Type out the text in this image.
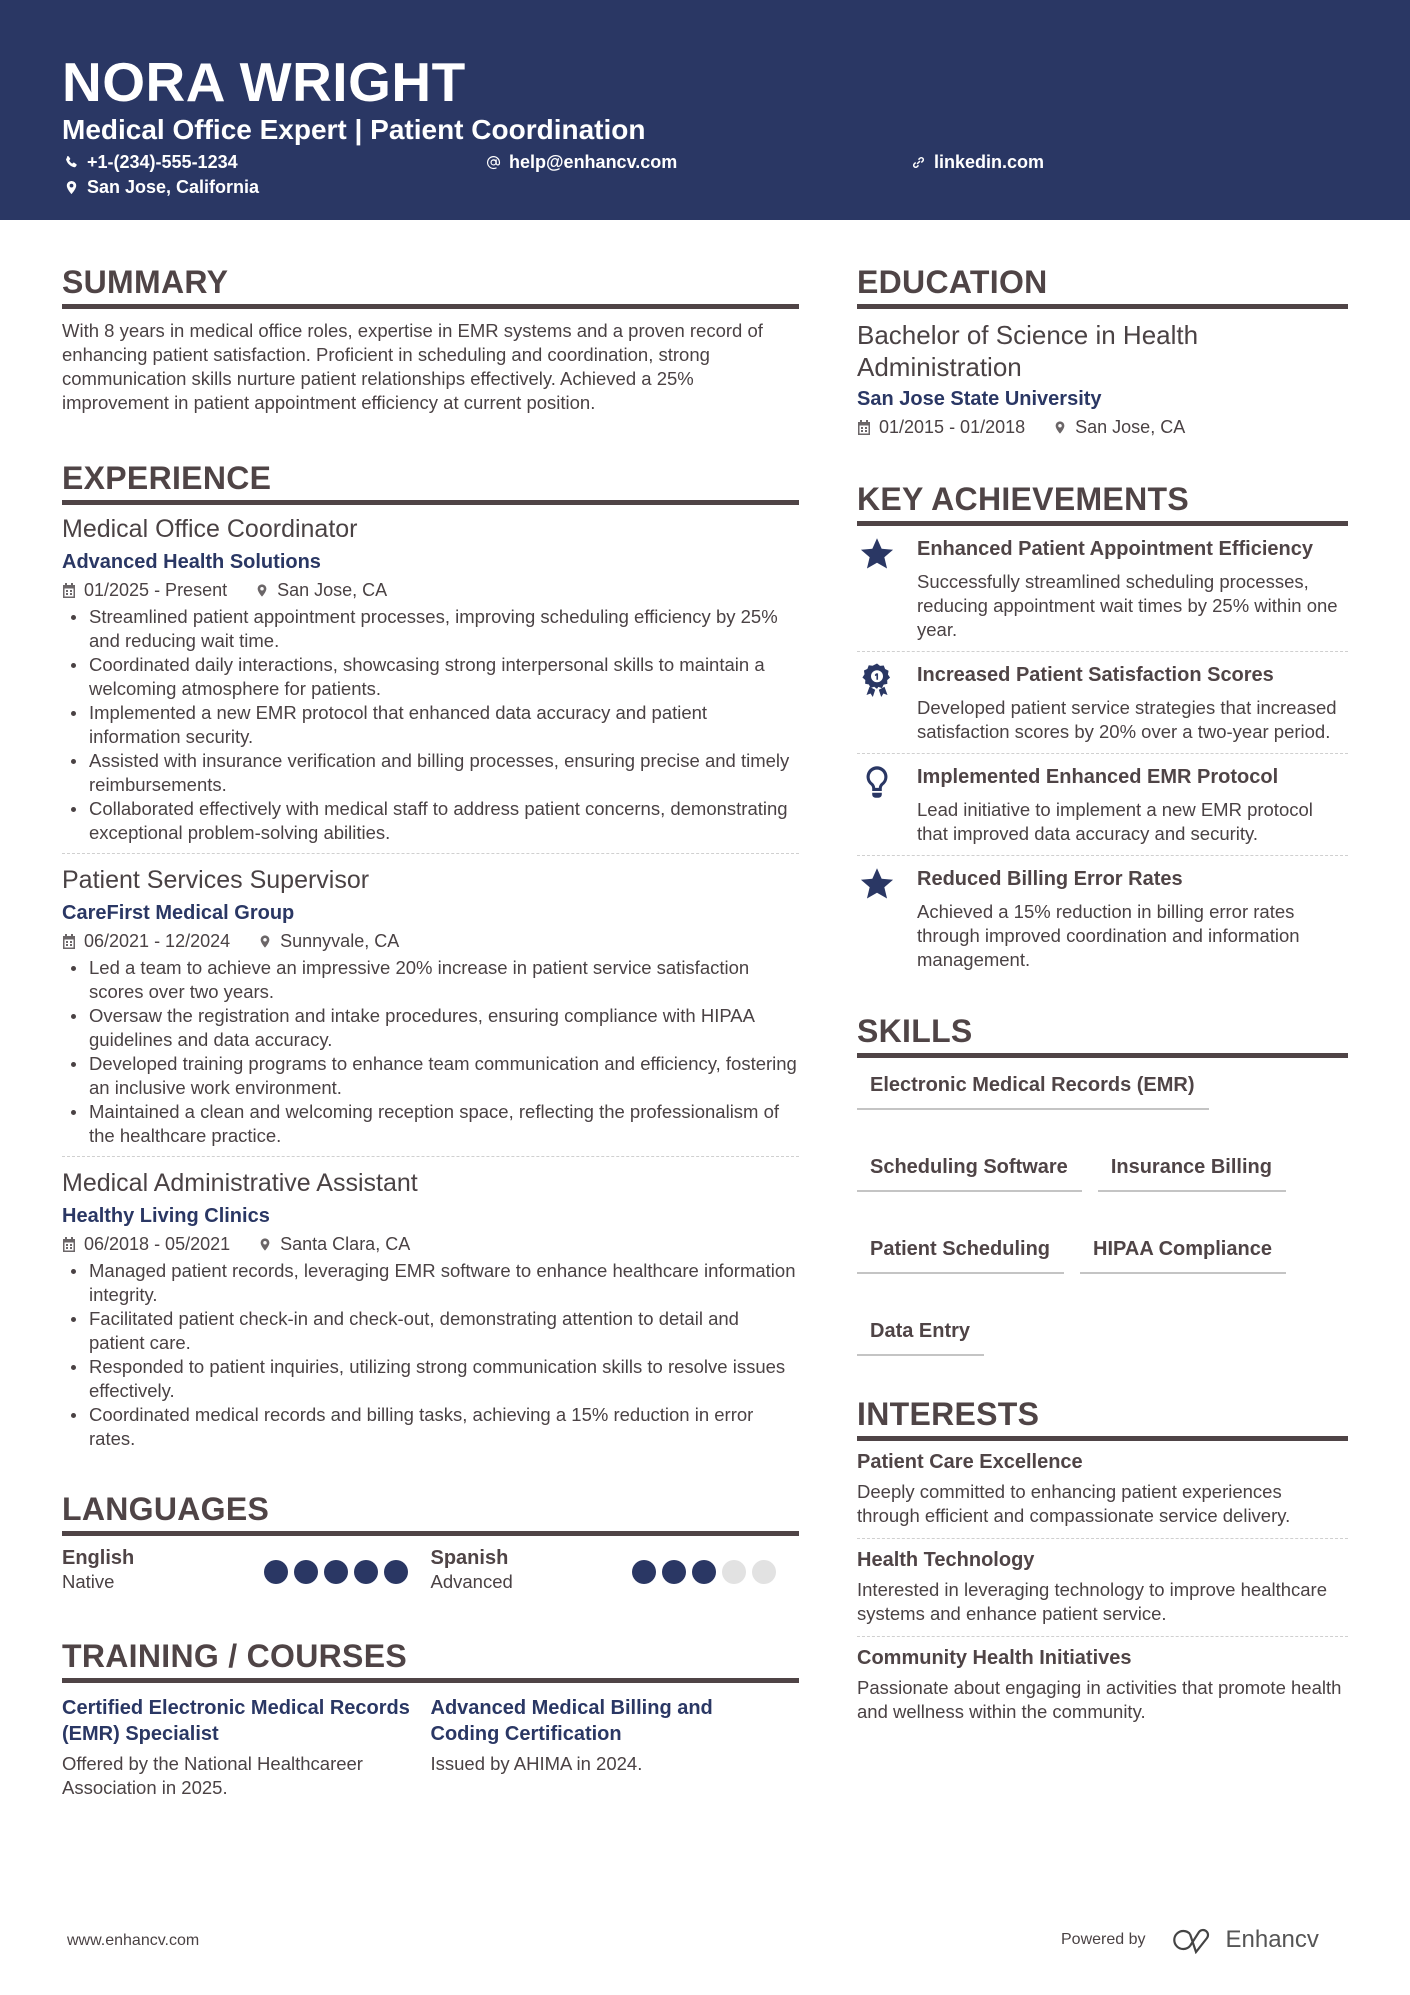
NORA WRIGHT
Medical Office Expert | Patient Coordination
+1-(234)-555-1234	help@enhancv.com	linkedin.com
San Jose, California
SUMMARY

With 8 years in medical office roles, expertise in EMR systems and a proven record of enhancing patient satisfaction. Proficient in scheduling and coordination, strong communication skills nurture patient relationships effectively. Achieved a 25% improvement in patient appointment efficiency at current position.

EXPERIENCE
Medical Office Coordinator
Advanced Health Solutions
01/2025 - Present	San Jose, CA
Streamlined patient appointment processes, improving scheduling efficiency by 25% and reducing wait time.
Coordinated daily interactions, showcasing strong interpersonal skills to maintain a welcoming atmosphere for patients.
Implemented a new EMR protocol that enhanced data accuracy and patient information security.
Assisted with insurance verification and billing processes, ensuring precise and timely reimbursements.
Collaborated effectively with medical staff to address patient concerns, demonstrating exceptional problem-solving abilities.
Patient Services Supervisor
CareFirst Medical Group
06/2021 - 12/2024	Sunnyvale, CA
Led a team to achieve an impressive 20% increase in patient service satisfaction scores over two years.
Oversaw the registration and intake procedures, ensuring compliance with HIPAA guidelines and data accuracy.
Developed training programs to enhance team communication and efficiency, fostering an inclusive work environment.
Maintained a clean and welcoming reception space, reflecting the professionalism of the healthcare practice.
Medical Administrative Assistant
Healthy Living Clinics
06/2018 - 05/2021	Santa Clara, CA
Managed patient records, leveraging EMR software to enhance healthcare information integrity.
Facilitated patient check-in and check-out, demonstrating attention to detail and patient care.
Responded to patient inquiries, utilizing strong communication skills to resolve issues effectively.
Coordinated medical records and billing tasks, achieving a 15% reduction in error rates.
LANGUAGES
English
Native
Spanish
Advanced
TRAINING / COURSES
Certified Electronic Medical Records (EMR) Specialist
Offered by the National Healthcareer Association in 2025.
Advanced Medical Billing and Coding Certification
Issued by AHIMA in 2024.
EDUCATION
Bachelor of Science in Health Administration
San Jose State University
01/2015 - 01/2018	San Jose, CA
KEY ACHIEVEMENTS
Enhanced Patient Appointment Efficiency
Successfully streamlined scheduling processes, reducing appointment wait times by 25% within one year.
Increased Patient Satisfaction Scores
Developed patient service strategies that increased satisfaction scores by 20% over a two-year period.
Implemented Enhanced EMR Protocol
Lead initiative to implement a new EMR protocol that improved data accuracy and security.
Reduced Billing Error Rates
Achieved a 15% reduction in billing error rates through improved coordination and information management.
SKILLS
Electronic Medical Records (EMR)
Scheduling Software	Insurance Billing
Patient Scheduling	HIPAA Compliance
Data Entry
INTERESTS
Patient Care Excellence
Deeply committed to enhancing patient experiences through efficient and compassionate service delivery.
Health Technology
Interested in leveraging technology to improve healthcare systems and enhance patient service.
Community Health Initiatives
Passionate about engaging in activities that promote health and wellness within the community.
www.enhancv.com	Powered by	Enhancv
